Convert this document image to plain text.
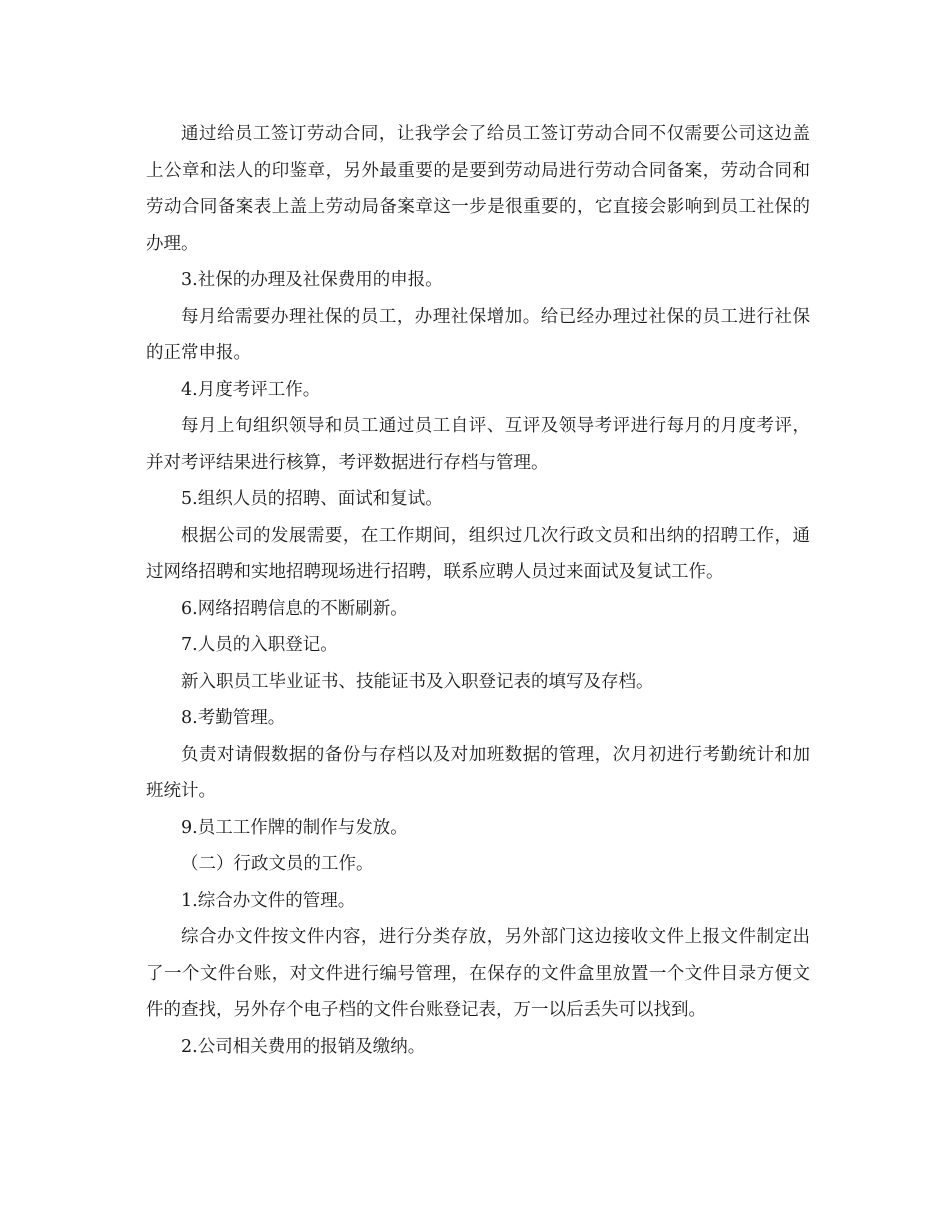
通过给员工签订劳动合同，让我学会了给员工签订劳动合同不仅需要公司这边盖上公章和法人的印鉴章，另外最重要的是要到劳动局进行劳动合同备案，劳动合同和劳动合同备案表上盖上劳动局备案章这一步是很重要的，它直接会影响到员工社保的办理。

3.社保的办理及社保费用的申报。

每月给需要办理社保的员工，办理社保增加。给已经办理过社保的员工进行社保的正常申报。

4.月度考评工作。

每月上旬组织领导和员工通过员工自评、互评及领导考评进行每月的月度考评，并对考评结果进行核算，考评数据进行存档与管理。

5.组织人员的招聘、面试和复试。

根据公司的发展需要，在工作期间，组织过几次行政文员和出纳的招聘工作，通过网络招聘和实地招聘现场进行招聘，联系应聘人员过来面试及复试工作。

6.网络招聘信息的不断刷新。

7.人员的入职登记。

新入职员工毕业证书、技能证书及入职登记表的填写及存档。

8.考勤管理。

负责对请假数据的备份与存档以及对加班数据的管理，次月初进行考勤统计和加班统计。

9.员工工作牌的制作与发放。

（二）行政文员的工作。

1.综合办文件的管理。

综合办文件按文件内容，进行分类存放，另外部门这边接收文件上报文件制定出了一个文件台账，对文件进行编号管理，在保存的文件盒里放置一个文件目录方便文件的查找，另外存个电子档的文件台账登记表，万一以后丢失可以找到。

2.公司相关费用的报销及缴纳。
